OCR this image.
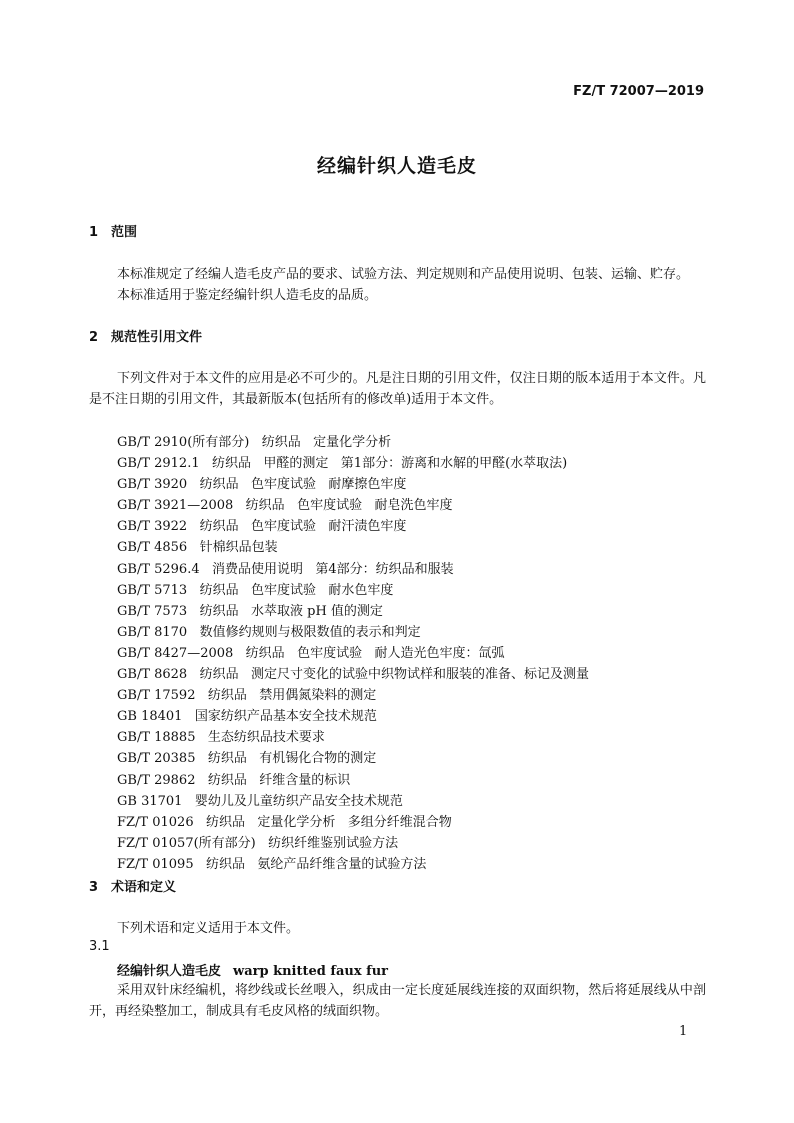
FZ/T 72007—2019
经编针织人造毛皮
1 范围
本标准规定了经编人造毛皮产品的要求、试验方法、判定规则和产品使用说明、包装、运输、贮存。
本标准适用于鉴定经编针织人造毛皮的品质。
2 规范性引用文件
下列文件对于本文件的应用是必不可少的。凡是注日期的引用文件，仅注日期的版本适用于本文件。凡是不注日期的引用文件，其最新版本(包括所有的修改单)适用于本文件。
GB/T 2910(所有部分)   纺织品   定量化学分析
GB/T 2912.1   纺织品   甲醛的测定   第1部分：游离和水解的甲醛(水萃取法)
GB/T 3920   纺织品   色牢度试验   耐摩擦色牢度
GB/T 3921—2008   纺织品   色牢度试验   耐皂洗色牢度
GB/T 3922   纺织品   色牢度试验   耐汗渍色牢度
GB/T 4856   针棉织品包装
GB/T 5296.4   消费品使用说明   第4部分：纺织品和服装
GB/T 5713   纺织品   色牢度试验   耐水色牢度
GB/T 7573   纺织品   水萃取液 pH 值的测定
GB/T 8170   数值修约规则与极限数值的表示和判定
GB/T 8427—2008   纺织品   色牢度试验   耐人造光色牢度：氙弧
GB/T 8628   纺织品   测定尺寸变化的试验中织物试样和服装的准备、标记及测量
GB/T 17592   纺织品   禁用偶氮染料的测定
GB 18401   国家纺织产品基本安全技术规范
GB/T 18885   生态纺织品技术要求
GB/T 20385   纺织品   有机锡化合物的测定
GB/T 29862   纺织品   纤维含量的标识
GB 31701   婴幼儿及儿童纺织产品安全技术规范
FZ/T 01026   纺织品   定量化学分析   多组分纤维混合物
FZ/T 01057(所有部分)   纺织纤维鉴别试验方法
FZ/T 01095   纺织品   氨纶产品纤维含量的试验方法
3 术语和定义
下列术语和定义适用于本文件。
3.1
经编针织人造毛皮 warp knitted faux fur
采用双针床经编机，将纱线或长丝喂入，织成由一定长度延展线连接的双面织物，然后将延展线从中剖开，再经染整加工，制成具有毛皮风格的绒面织物。
1
